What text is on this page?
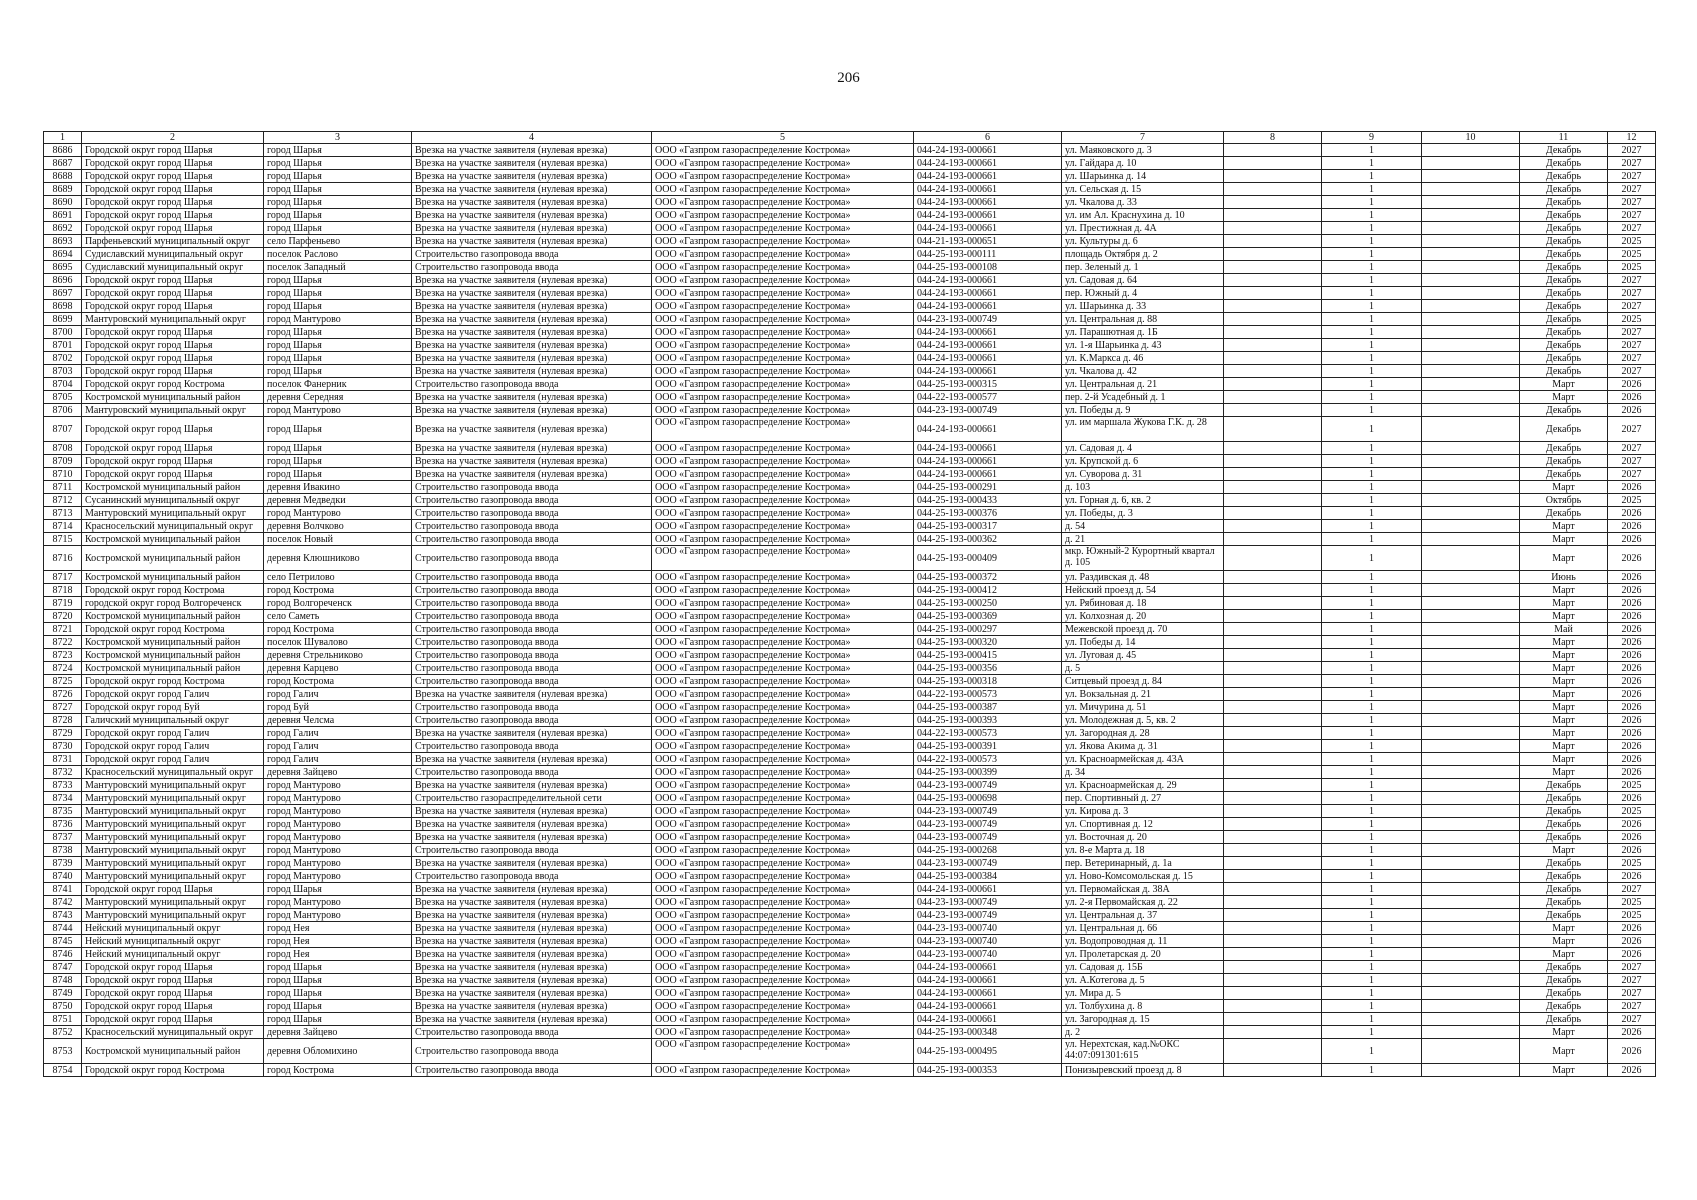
206
1	2	3	4	5	6	7	8	9	10	11	12
8686	Городской округ город Шарья	город Шарья	Врезка на участке заявителя (нулевая врезка)	ООО «Газпром газораспределение Кострома»	044-24-193-000661	ул. Маяковского д. 3		1		Декабрь	2027
8687	Городской округ город Шарья	город Шарья	Врезка на участке заявителя (нулевая врезка)	ООО «Газпром газораспределение Кострома»	044-24-193-000661	ул. Гайдара д. 10		1		Декабрь	2027
8688	Городской округ город Шарья	город Шарья	Врезка на участке заявителя (нулевая врезка)	ООО «Газпром газораспределение Кострома»	044-24-193-000661	ул. Шарьинка д. 14		1		Декабрь	2027
8689	Городской округ город Шарья	город Шарья	Врезка на участке заявителя (нулевая врезка)	ООО «Газпром газораспределение Кострома»	044-24-193-000661	ул. Сельская д. 15		1		Декабрь	2027
8690	Городской округ город Шарья	город Шарья	Врезка на участке заявителя (нулевая врезка)	ООО «Газпром газораспределение Кострома»	044-24-193-000661	ул. Чкалова д. 33		1		Декабрь	2027
8691	Городской округ город Шарья	город Шарья	Врезка на участке заявителя (нулевая врезка)	ООО «Газпром газораспределение Кострома»	044-24-193-000661	ул. им Ал. Краснухина д. 10		1		Декабрь	2027
8692	Городской округ город Шарья	город Шарья	Врезка на участке заявителя (нулевая врезка)	ООО «Газпром газораспределение Кострома»	044-24-193-000661	ул. Престижная д. 4А		1		Декабрь	2027
8693	Парфеньевский муниципальный округ	село Парфеньево	Врезка на участке заявителя (нулевая врезка)	ООО «Газпром газораспределение Кострома»	044-21-193-000651	ул. Культуры д. 6		1		Декабрь	2025
8694	Судиславский муниципальный округ	поселок Раслово	Строительство газопровода ввода	ООО «Газпром газораспределение Кострома»	044-25-193-000111	площадь Октября д. 2		1		Декабрь	2025
8695	Судиславский муниципальный округ	поселок Западный	Строительство газопровода ввода	ООО «Газпром газораспределение Кострома»	044-25-193-000108	пер. Зеленый д. 1		1		Декабрь	2025
8696	Городской округ город Шарья	город Шарья	Врезка на участке заявителя (нулевая врезка)	ООО «Газпром газораспределение Кострома»	044-24-193-000661	ул. Садовая д. 64		1		Декабрь	2027
8697	Городской округ город Шарья	город Шарья	Врезка на участке заявителя (нулевая врезка)	ООО «Газпром газораспределение Кострома»	044-24-193-000661	пер. Южный д. 4		1		Декабрь	2027
8698	Городской округ город Шарья	город Шарья	Врезка на участке заявителя (нулевая врезка)	ООО «Газпром газораспределение Кострома»	044-24-193-000661	ул. Шарьинка д. 33		1		Декабрь	2027
8699	Мантуровский муниципальный округ	город Мантурово	Врезка на участке заявителя (нулевая врезка)	ООО «Газпром газораспределение Кострома»	044-23-193-000749	ул. Центральная д. 88		1		Декабрь	2025
8700	Городской округ город Шарья	город Шарья	Врезка на участке заявителя (нулевая врезка)	ООО «Газпром газораспределение Кострома»	044-24-193-000661	ул. Парашютная д. 1Б		1		Декабрь	2027
8701	Городской округ город Шарья	город Шарья	Врезка на участке заявителя (нулевая врезка)	ООО «Газпром газораспределение Кострома»	044-24-193-000661	ул. 1-я Шарьинка д. 43		1		Декабрь	2027
8702	Городской округ город Шарья	город Шарья	Врезка на участке заявителя (нулевая врезка)	ООО «Газпром газораспределение Кострома»	044-24-193-000661	ул. К.Маркса д. 46		1		Декабрь	2027
8703	Городской округ город Шарья	город Шарья	Врезка на участке заявителя (нулевая врезка)	ООО «Газпром газораспределение Кострома»	044-24-193-000661	ул. Чкалова д. 42		1		Декабрь	2027
8704	Городской округ город Кострома	поселок Фанерник	Строительство газопровода ввода	ООО «Газпром газораспределение Кострома»	044-25-193-000315	ул. Центральная д. 21		1		Март	2026
8705	Костромской муниципальный район	деревня Середняя	Врезка на участке заявителя (нулевая врезка)	ООО «Газпром газораспределение Кострома»	044-22-193-000577	пер. 2-й Усадебный д. 1		1		Март	2026
8706	Мантуровский муниципальный округ	город Мантурово	Врезка на участке заявителя (нулевая врезка)	ООО «Газпром газораспределение Кострома»	044-23-193-000749	ул. Победы д. 9		1		Декабрь	2026
8707	Городской округ город Шарья	город Шарья	Врезка на участке заявителя (нулевая врезка)	ООО «Газпром газораспределение Кострома»	044-24-193-000661	ул. им маршала Жукова Г.К. д. 28		1		Декабрь	2027
8708	Городской округ город Шарья	город Шарья	Врезка на участке заявителя (нулевая врезка)	ООО «Газпром газораспределение Кострома»	044-24-193-000661	ул. Садовая д. 4		1		Декабрь	2027
8709	Городской округ город Шарья	город Шарья	Врезка на участке заявителя (нулевая врезка)	ООО «Газпром газораспределение Кострома»	044-24-193-000661	ул. Крупской д. 6		1		Декабрь	2027
8710	Городской округ город Шарья	город Шарья	Врезка на участке заявителя (нулевая врезка)	ООО «Газпром газораспределение Кострома»	044-24-193-000661	ул. Суворова д. 31		1		Декабрь	2027
8711	Костромской муниципальный район	деревня Ивакино	Строительство газопровода ввода	ООО «Газпром газораспределение Кострома»	044-25-193-000291	д. 103		1		Март	2026
8712	Сусанинский муниципальный округ	деревня Медведки	Строительство газопровода ввода	ООО «Газпром газораспределение Кострома»	044-25-193-000433	ул. Горная д. 6, кв. 2		1		Октябрь	2025
8713	Мантуровский муниципальный округ	город Мантурово	Строительство газопровода ввода	ООО «Газпром газораспределение Кострома»	044-25-193-000376	ул. Победы, д. 3		1		Декабрь	2026
8714	Красносельский муниципальный округ	деревня Волчково	Строительство газопровода ввода	ООО «Газпром газораспределение Кострома»	044-25-193-000317	д. 54		1		Март	2026
8715	Костромской муниципальный район	поселок Новый	Строительство газопровода ввода	ООО «Газпром газораспределение Кострома»	044-25-193-000362	д. 21		1		Март	2026
8716	Костромской муниципальный район	деревня Клюшниково	Строительство газопровода ввода	ООО «Газпром газораспределение Кострома»	044-25-193-000409	мкр. Южный-2 Курортный квартал д. 105		1		Март	2026
8717	Костромской муниципальный район	село Петрилово	Строительство газопровода ввода	ООО «Газпром газораспределение Кострома»	044-25-193-000372	ул. Раздивская д. 48		1		Июнь	2026
8718	Городской округ город Кострома	город Кострома	Строительство газопровода ввода	ООО «Газпром газораспределение Кострома»	044-25-193-000412	Нейский проезд д. 54		1		Март	2026
8719	городской округ город Волгореченск	город Волгореченск	Строительство газопровода ввода	ООО «Газпром газораспределение Кострома»	044-25-193-000250	ул. Рябиновая д. 18		1		Март	2026
8720	Костромской муниципальный район	село Саметь	Строительство газопровода ввода	ООО «Газпром газораспределение Кострома»	044-25-193-000369	ул. Колхозная д. 20		1		Март	2026
8721	Городской округ город Кострома	город Кострома	Строительство газопровода ввода	ООО «Газпром газораспределение Кострома»	044-25-193-000297	Межевской проезд д. 70		1		Май	2026
8722	Костромской муниципальный район	поселок Шувалово	Строительство газопровода ввода	ООО «Газпром газораспределение Кострома»	044-25-193-000320	ул. Победы д. 14		1		Март	2026
8723	Костромской муниципальный район	деревня Стрельниково	Строительство газопровода ввода	ООО «Газпром газораспределение Кострома»	044-25-193-000415	ул. Луговая д. 45		1		Март	2026
8724	Костромской муниципальный район	деревня Карцево	Строительство газопровода ввода	ООО «Газпром газораспределение Кострома»	044-25-193-000356	д. 5		1		Март	2026
8725	Городской округ город Кострома	город Кострома	Строительство газопровода ввода	ООО «Газпром газораспределение Кострома»	044-25-193-000318	Ситцевый проезд д. 84		1		Март	2026
8726	Городской округ город Галич	город Галич	Врезка на участке заявителя (нулевая врезка)	ООО «Газпром газораспределение Кострома»	044-22-193-000573	ул. Вокзальная д. 21		1		Март	2026
8727	Городской округ город Буй	город Буй	Строительство газопровода ввода	ООО «Газпром газораспределение Кострома»	044-25-193-000387	ул. Мичурина д. 51		1		Март	2026
8728	Галичский муниципальный округ	деревня Челсма	Строительство газопровода ввода	ООО «Газпром газораспределение Кострома»	044-25-193-000393	ул. Молодежная д. 5, кв. 2		1		Март	2026
8729	Городской округ город Галич	город Галич	Врезка на участке заявителя (нулевая врезка)	ООО «Газпром газораспределение Кострома»	044-22-193-000573	ул. Загородная д. 28		1		Март	2026
8730	Городской округ город Галич	город Галич	Строительство газопровода ввода	ООО «Газпром газораспределение Кострома»	044-25-193-000391	ул. Якова Акима д. 31		1		Март	2026
8731	Городской округ город Галич	город Галич	Врезка на участке заявителя (нулевая врезка)	ООО «Газпром газораспределение Кострома»	044-22-193-000573	ул. Красноармейская д. 43А		1		Март	2026
8732	Красносельский муниципальный округ	деревня Зайцево	Строительство газопровода ввода	ООО «Газпром газораспределение Кострома»	044-25-193-000399	д. 34		1		Март	2026
8733	Мантуровский муниципальный округ	город Мантурово	Врезка на участке заявителя (нулевая врезка)	ООО «Газпром газораспределение Кострома»	044-23-193-000749	ул. Красноармейская д. 29		1		Декабрь	2025
8734	Мантуровский муниципальный округ	город Мантурово	Строительство газораспределительной сети	ООО «Газпром газораспределение Кострома»	044-25-193-000698	пер. Спортивный д. 27		1		Декабрь	2026
8735	Мантуровский муниципальный округ	город Мантурово	Врезка на участке заявителя (нулевая врезка)	ООО «Газпром газораспределение Кострома»	044-23-193-000749	ул. Кирова д. 3		1		Декабрь	2025
8736	Мантуровский муниципальный округ	город Мантурово	Врезка на участке заявителя (нулевая врезка)	ООО «Газпром газораспределение Кострома»	044-23-193-000749	ул. Спортивная д. 12		1		Декабрь	2026
8737	Мантуровский муниципальный округ	город Мантурово	Врезка на участке заявителя (нулевая врезка)	ООО «Газпром газораспределение Кострома»	044-23-193-000749	ул. Восточная д. 20		1		Декабрь	2026
8738	Мантуровский муниципальный округ	город Мантурово	Строительство газопровода ввода	ООО «Газпром газораспределение Кострома»	044-25-193-000268	ул. 8-е Марта д. 18		1		Март	2026
8739	Мантуровский муниципальный округ	город Мантурово	Врезка на участке заявителя (нулевая врезка)	ООО «Газпром газораспределение Кострома»	044-23-193-000749	пер. Ветеринарный, д. 1а		1		Декабрь	2025
8740	Мантуровский муниципальный округ	город Мантурово	Строительство газопровода ввода	ООО «Газпром газораспределение Кострома»	044-25-193-000384	ул. Ново-Комсомольская д. 15		1		Декабрь	2026
8741	Городской округ город Шарья	город Шарья	Врезка на участке заявителя (нулевая врезка)	ООО «Газпром газораспределение Кострома»	044-24-193-000661	ул. Первомайская д. 38А		1		Декабрь	2027
8742	Мантуровский муниципальный округ	город Мантурово	Врезка на участке заявителя (нулевая врезка)	ООО «Газпром газораспределение Кострома»	044-23-193-000749	ул. 2-я Первомайская д. 22		1		Декабрь	2025
8743	Мантуровский муниципальный округ	город Мантурово	Врезка на участке заявителя (нулевая врезка)	ООО «Газпром газораспределение Кострома»	044-23-193-000749	ул. Центральная д. 37		1		Декабрь	2025
8744	Нейский муниципальный округ	город Нея	Врезка на участке заявителя (нулевая врезка)	ООО «Газпром газораспределение Кострома»	044-23-193-000740	ул. Центральная д. 66		1		Март	2026
8745	Нейский муниципальный округ	город Нея	Врезка на участке заявителя (нулевая врезка)	ООО «Газпром газораспределение Кострома»	044-23-193-000740	ул. Водопроводная д. 11		1		Март	2026
8746	Нейский муниципальный округ	город Нея	Врезка на участке заявителя (нулевая врезка)	ООО «Газпром газораспределение Кострома»	044-23-193-000740	ул. Пролетарская д. 20		1		Март	2026
8747	Городской округ город Шарья	город Шарья	Врезка на участке заявителя (нулевая врезка)	ООО «Газпром газораспределение Кострома»	044-24-193-000661	ул. Садовая д. 15Б		1		Декабрь	2027
8748	Городской округ город Шарья	город Шарья	Врезка на участке заявителя (нулевая врезка)	ООО «Газпром газораспределение Кострома»	044-24-193-000661	ул. А.Котегова д. 5		1		Декабрь	2027
8749	Городской округ город Шарья	город Шарья	Врезка на участке заявителя (нулевая врезка)	ООО «Газпром газораспределение Кострома»	044-24-193-000661	ул. Мира д. 5		1		Декабрь	2027
8750	Городской округ город Шарья	город Шарья	Врезка на участке заявителя (нулевая врезка)	ООО «Газпром газораспределение Кострома»	044-24-193-000661	ул. Толбухина д. 8		1		Декабрь	2027
8751	Городской округ город Шарья	город Шарья	Врезка на участке заявителя (нулевая врезка)	ООО «Газпром газораспределение Кострома»	044-24-193-000661	ул. Загородная д. 15		1		Декабрь	2027
8752	Красносельский муниципальный округ	деревня Зайцево	Строительство газопровода ввода	ООО «Газпром газораспределение Кострома»	044-25-193-000348	д. 2		1		Март	2026
8753	Костромской муниципальный район	деревня Обломихино	Строительство газопровода ввода	ООО «Газпром газораспределение Кострома»	044-25-193-000495	ул. Нерехтская, кад.№ОКС 44:07:091301:615		1		Март	2026
8754	Городской округ город Кострома	город Кострома	Строительство газопровода ввода	ООО «Газпром газораспределение Кострома»	044-25-193-000353	Понизыревский проезд д. 8		1		Март	2026
